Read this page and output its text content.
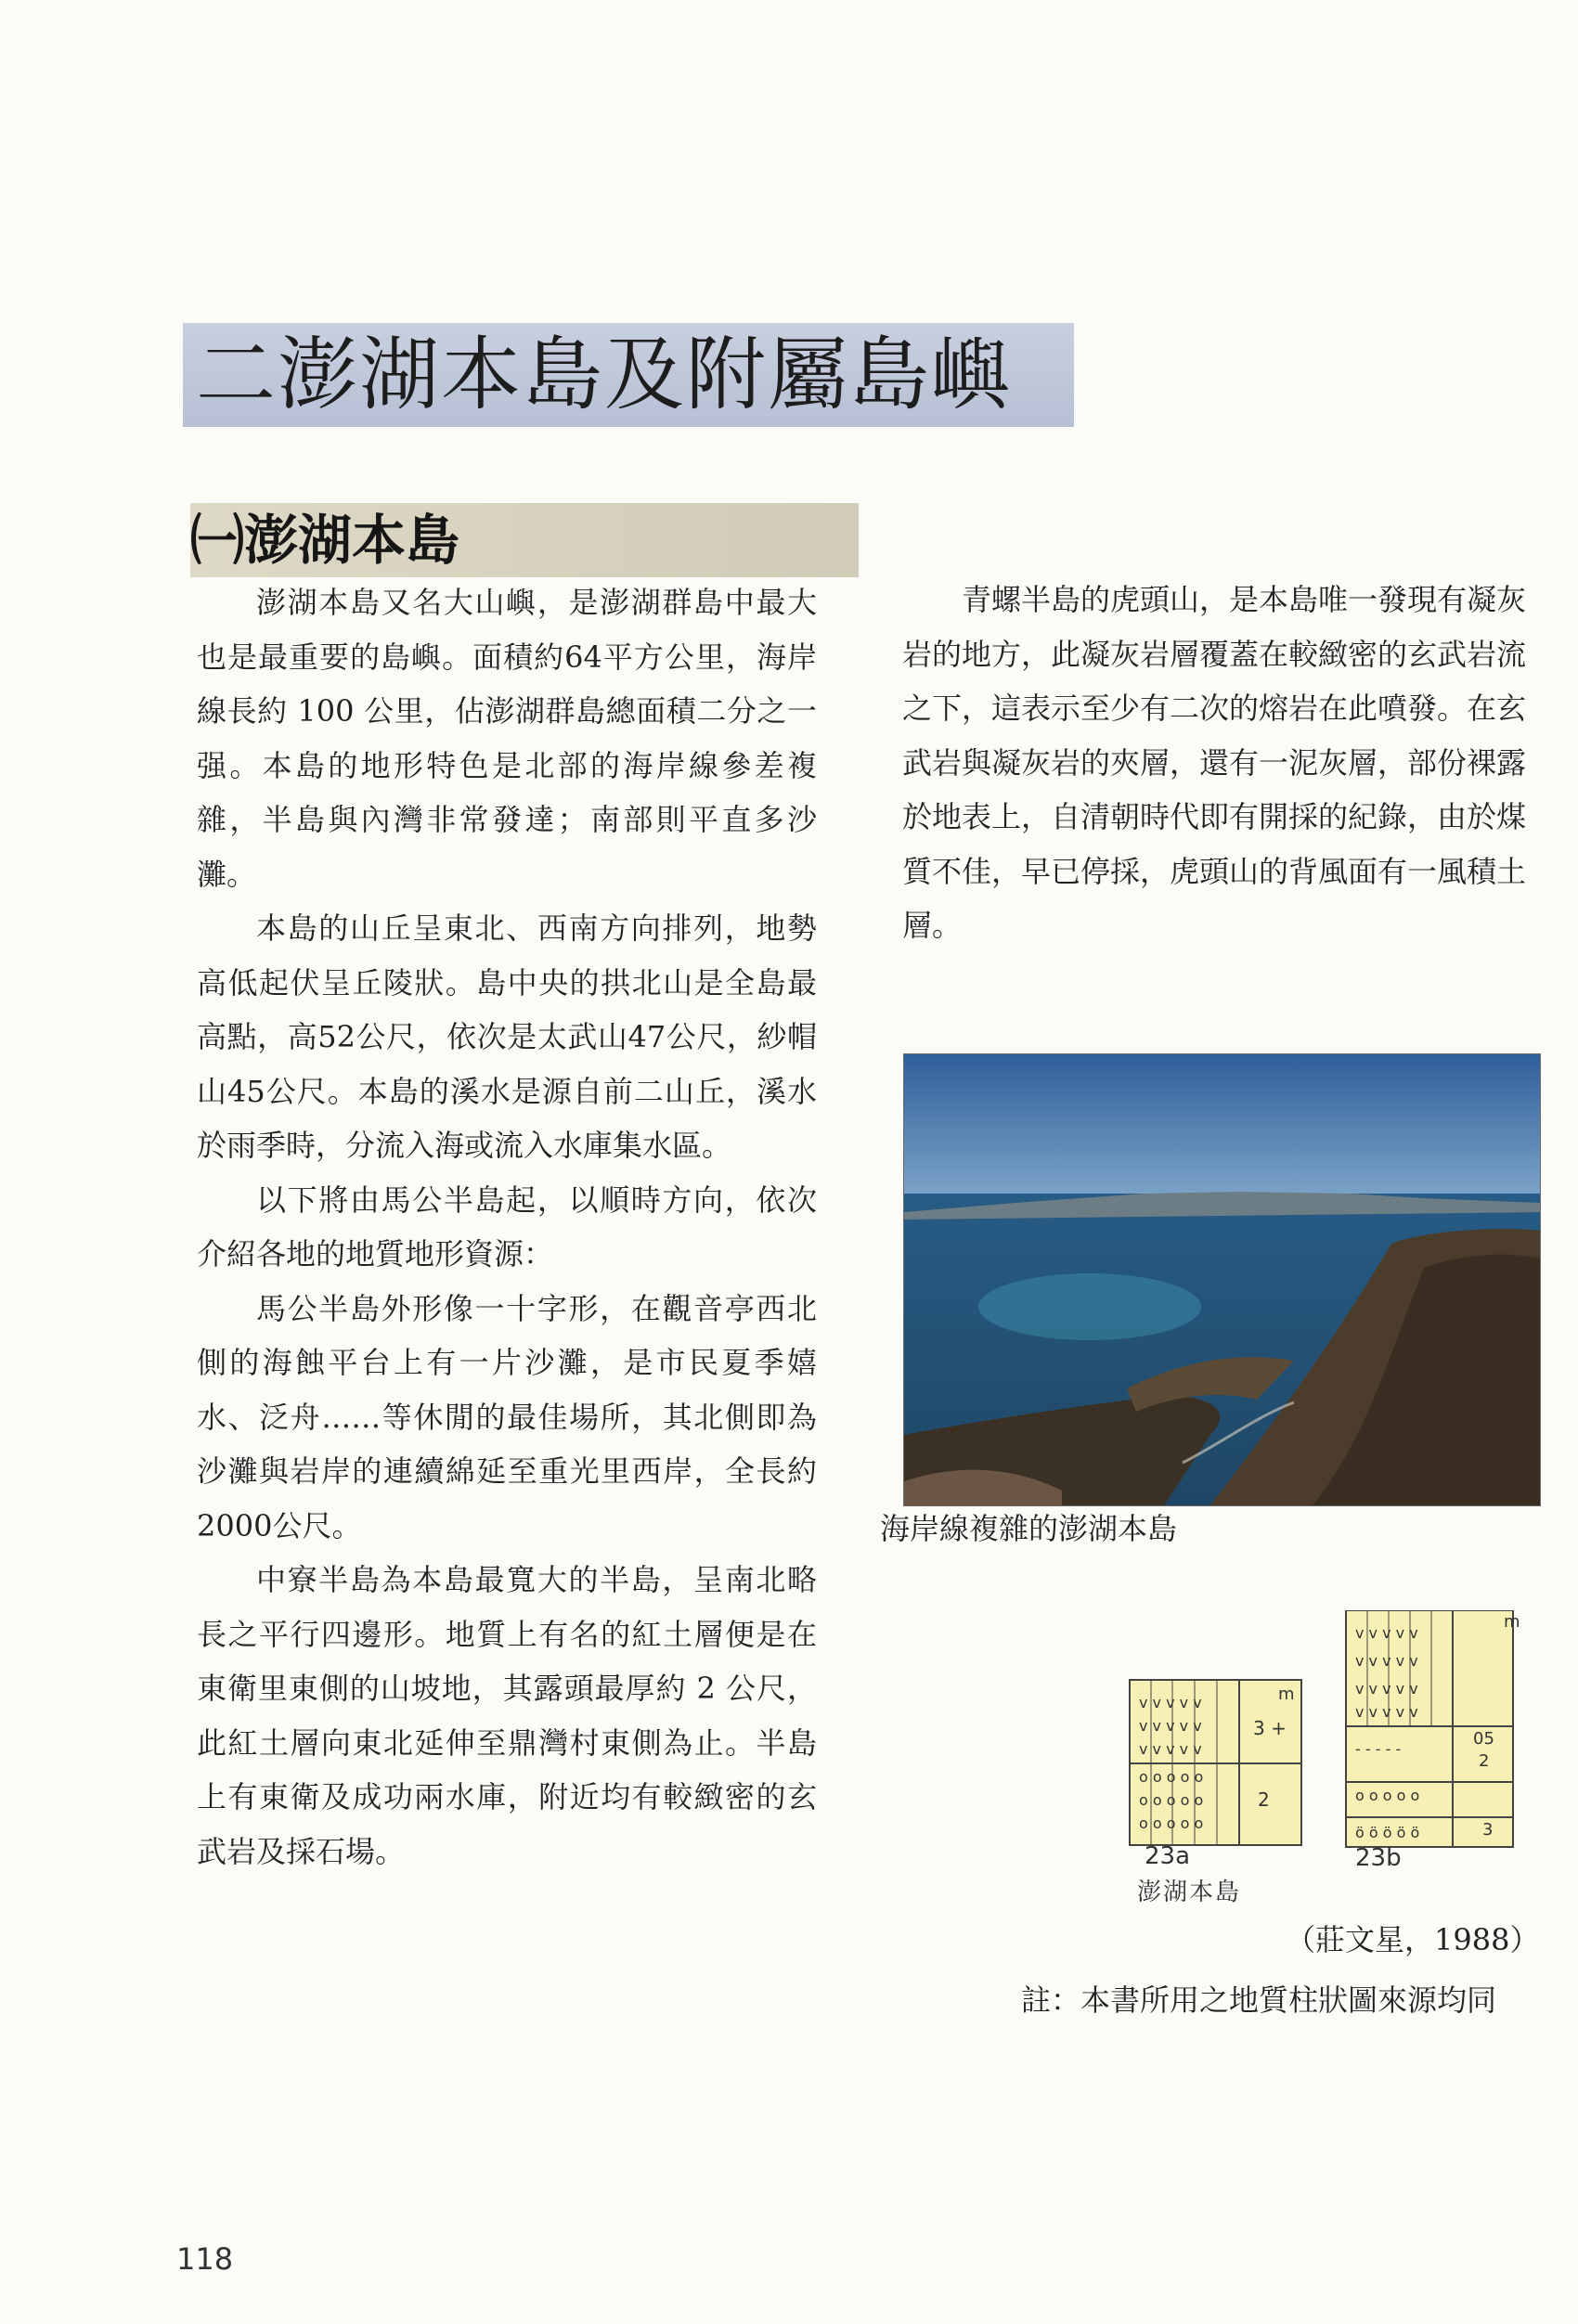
二澎湖本島及附屬島嶼
㈠澎湖本島

澎湖本島又名大山嶼，是澎湖群島中最大也是最重要的島嶼。面積約64平方公里，海岸線長約 100 公里，佔澎湖群島總面積二分之一强。本島的地形特色是北部的海岸線參差複雜，半島與內灣非常發達；南部則平直多沙灘。

本島的山丘呈東北、西南方向排列，地勢高低起伏呈丘陵狀。島中央的拱北山是全島最高點，高52公尺，依次是太武山47公尺，紗帽山45公尺。本島的溪水是源自前二山丘，溪水於雨季時，分流入海或流入水庫集水區。

以下將由馬公半島起，以順時方向，依次介紹各地的地質地形資源：

馬公半島外形像一十字形，在觀音亭西北側的海蝕平台上有一片沙灘，是市民夏季嬉水、泛舟……等休閒的最佳場所，其北側即為沙灘與岩岸的連續綿延至重光里西岸，全長約2000公尺。

中寮半島為本島最寬大的半島，呈南北略長之平行四邊形。地質上有名的紅土層便是在東衛里東側的山坡地，其露頭最厚約 2 公尺，此紅土層向東北延伸至鼎灣村東側為止。半島上有東衛及成功兩水庫，附近均有較緻密的玄武岩及採石場。

青螺半島的虎頭山，是本島唯一發現有凝灰岩的地方，此凝灰岩層覆蓋在較緻密的玄武岩流之下，這表示至少有二次的熔岩在此噴發。在玄武岩與凝灰岩的夾層，還有一泥灰層，部份裸露於地表上，自清朝時代即有開採的紀錄，由於煤質不佳，早已停採，虎頭山的背風面有一風積土層。

海岸線複雜的澎湖本島
v v v v v
v v v v v
v v v v v
o o o o o
o o o o o
o o o o o
v v v v v
v v v v v
v v v v v
v v v v v
- - - - -
o o o o o
ö ö ö ö ö
m
3 +
2
m
05
2
3
23a	23b
澎湖本島
（莊文星，1988）
註：本書所用之地質柱狀圖來源均同
118
